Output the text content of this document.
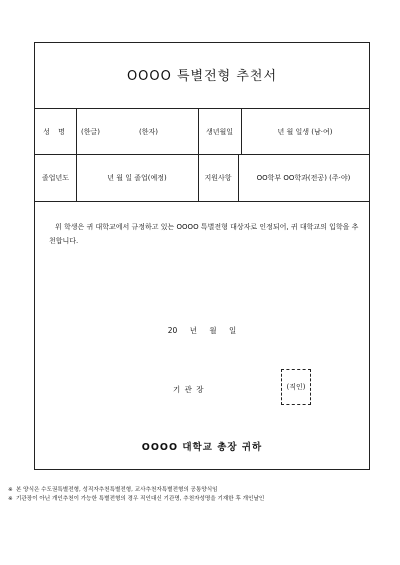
OOOO 특별전형 추천서
성 명	(한글)	(한자)	생년월일	년 월 일생 (남·여)
졸업년도	년 월 일 졸업(예정)	지원사항	OO학부 OO학과(전공) (주·야)
위 학생은 귀 대학교에서 규정하고 있는 OOOO 특별전형 대상자로 인정되어, 귀 대학교의 입학을 추천합니다.
20 년 월 일
기 관 장	(직인)
OOOO 대학교 총장 귀하
※ 본 양식은 수도권특별전형, 성직자추천특별전형, 교사추천자특별전형의 공통양식임
※ 기관장이 아닌 개인추천이 가능한 특별전형의 경우 직인대신 기관명, 추천자성명을 기재한 후 개인날인
